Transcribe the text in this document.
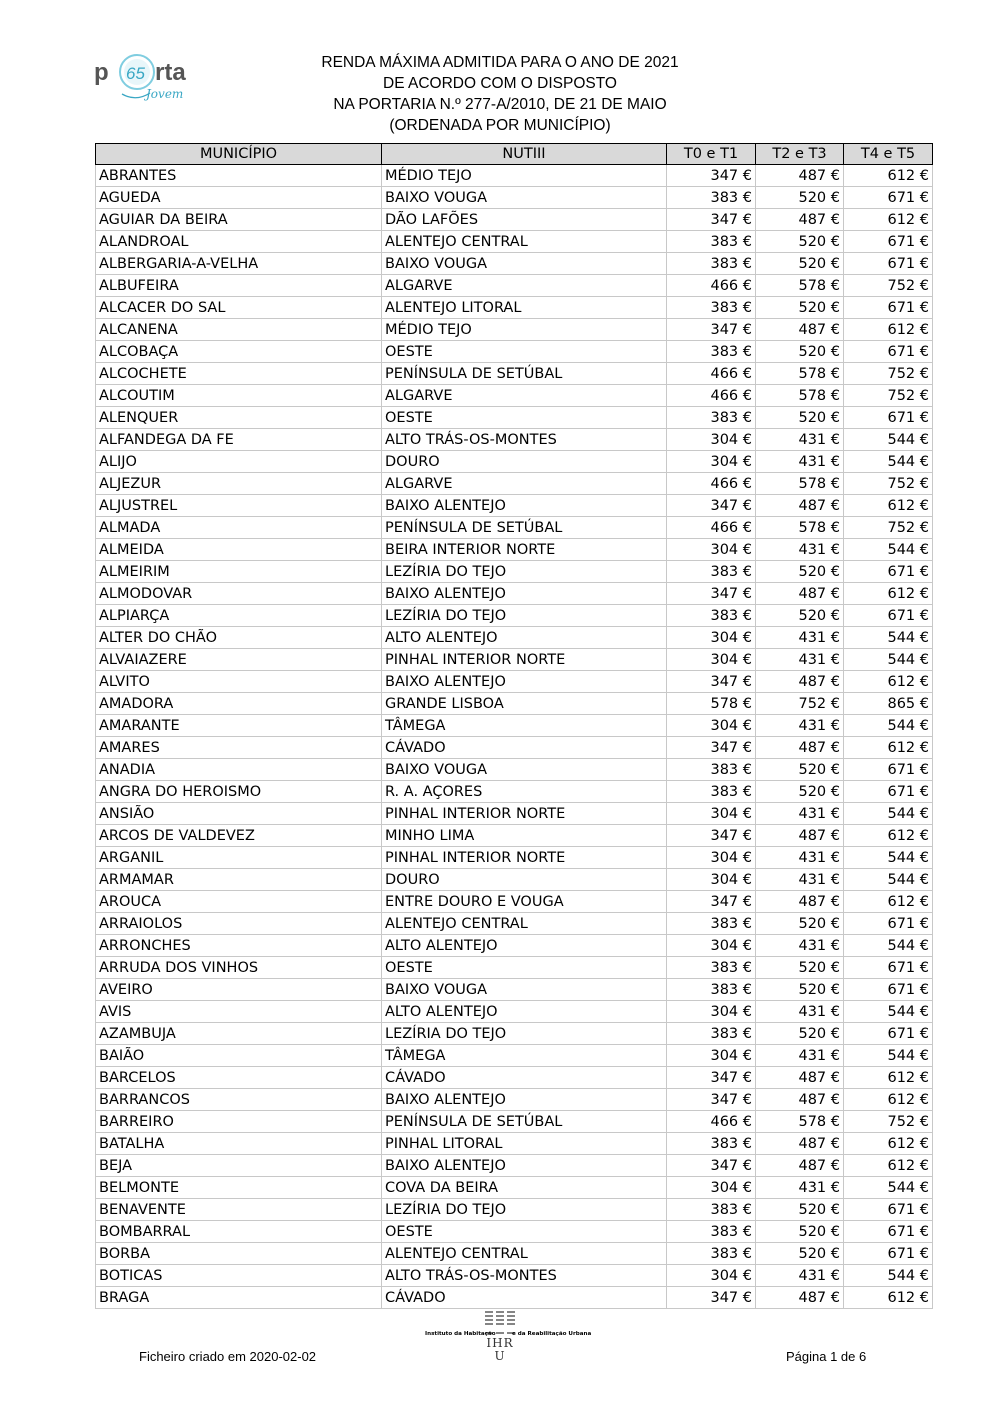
p 65 rta
Jovem
RENDA MÁXIMA ADMITIDA PARA O ANO DE 2021
DE ACORDO COM O DISPOSTO
NA PORTARIA N.º 277-A/2010, DE 21 DE MAIO
(ORDENADA POR MUNICÍPIO)
MUNICÍPIO	NUTIII	T0 e T1	T2 e T3	T4 e T5
ABRANTES	MÉDIO TEJO	347 €	487 €	612 €
AGUEDA	BAIXO VOUGA	383 €	520 €	671 €
AGUIAR DA BEIRA	DÃO LAFÕES	347 €	487 €	612 €
ALANDROAL	ALENTEJO CENTRAL	383 €	520 €	671 €
ALBERGARIA-A-VELHA	BAIXO VOUGA	383 €	520 €	671 €
ALBUFEIRA	ALGARVE	466 €	578 €	752 €
ALCACER DO SAL	ALENTEJO LITORAL	383 €	520 €	671 €
ALCANENA	MÉDIO TEJO	347 €	487 €	612 €
ALCOBAÇA	OESTE	383 €	520 €	671 €
ALCOCHETE	PENÍNSULA DE SETÚBAL	466 €	578 €	752 €
ALCOUTIM	ALGARVE	466 €	578 €	752 €
ALENQUER	OESTE	383 €	520 €	671 €
ALFANDEGA DA FE	ALTO TRÁS-OS-MONTES	304 €	431 €	544 €
ALIJO	DOURO	304 €	431 €	544 €
ALJEZUR	ALGARVE	466 €	578 €	752 €
ALJUSTREL	BAIXO ALENTEJO	347 €	487 €	612 €
ALMADA	PENÍNSULA DE SETÚBAL	466 €	578 €	752 €
ALMEIDA	BEIRA INTERIOR NORTE	304 €	431 €	544 €
ALMEIRIM	LEZÍRIA DO TEJO	383 €	520 €	671 €
ALMODOVAR	BAIXO ALENTEJO	347 €	487 €	612 €
ALPIARÇA	LEZÍRIA DO TEJO	383 €	520 €	671 €
ALTER DO CHÃO	ALTO ALENTEJO	304 €	431 €	544 €
ALVAIAZERE	PINHAL INTERIOR NORTE	304 €	431 €	544 €
ALVITO	BAIXO ALENTEJO	347 €	487 €	612 €
AMADORA	GRANDE LISBOA	578 €	752 €	865 €
AMARANTE	TÂMEGA	304 €	431 €	544 €
AMARES	CÁVADO	347 €	487 €	612 €
ANADIA	BAIXO VOUGA	383 €	520 €	671 €
ANGRA DO HEROISMO	R. A. AÇORES	383 €	520 €	671 €
ANSIÃO	PINHAL INTERIOR NORTE	304 €	431 €	544 €
ARCOS DE VALDEVEZ	MINHO LIMA	347 €	487 €	612 €
ARGANIL	PINHAL INTERIOR NORTE	304 €	431 €	544 €
ARMAMAR	DOURO	304 €	431 €	544 €
AROUCA	ENTRE DOURO E VOUGA	347 €	487 €	612 €
ARRAIOLOS	ALENTEJO CENTRAL	383 €	520 €	671 €
ARRONCHES	ALTO ALENTEJO	304 €	431 €	544 €
ARRUDA DOS VINHOS	OESTE	383 €	520 €	671 €
AVEIRO	BAIXO VOUGA	383 €	520 €	671 €
AVIS	ALTO ALENTEJO	304 €	431 €	544 €
AZAMBUJA	LEZÍRIA DO TEJO	383 €	520 €	671 €
BAIÃO	TÂMEGA	304 €	431 €	544 €
BARCELOS	CÁVADO	347 €	487 €	612 €
BARRANCOS	BAIXO ALENTEJO	347 €	487 €	612 €
BARREIRO	PENÍNSULA DE SETÚBAL	466 €	578 €	752 €
BATALHA	PINHAL LITORAL	383 €	487 €	612 €
BEJA	BAIXO ALENTEJO	347 €	487 €	612 €
BELMONTE	COVA DA BEIRA	304 €	431 €	544 €
BENAVENTE	LEZÍRIA DO TEJO	383 €	520 €	671 €
BOMBARRAL	OESTE	383 €	520 €	671 €
BORBA	ALENTEJO CENTRAL	383 €	520 €	671 €
BOTICAS	ALTO TRÁS-OS-MONTES	304 €	431 €	544 €
BRAGA	CÁVADO	347 €	487 €	612 €
Ficheiro criado em 2020-02-02
Instituto da Habitação	e da Reabilitação Urbana
IHRU	Página 1 de 6
